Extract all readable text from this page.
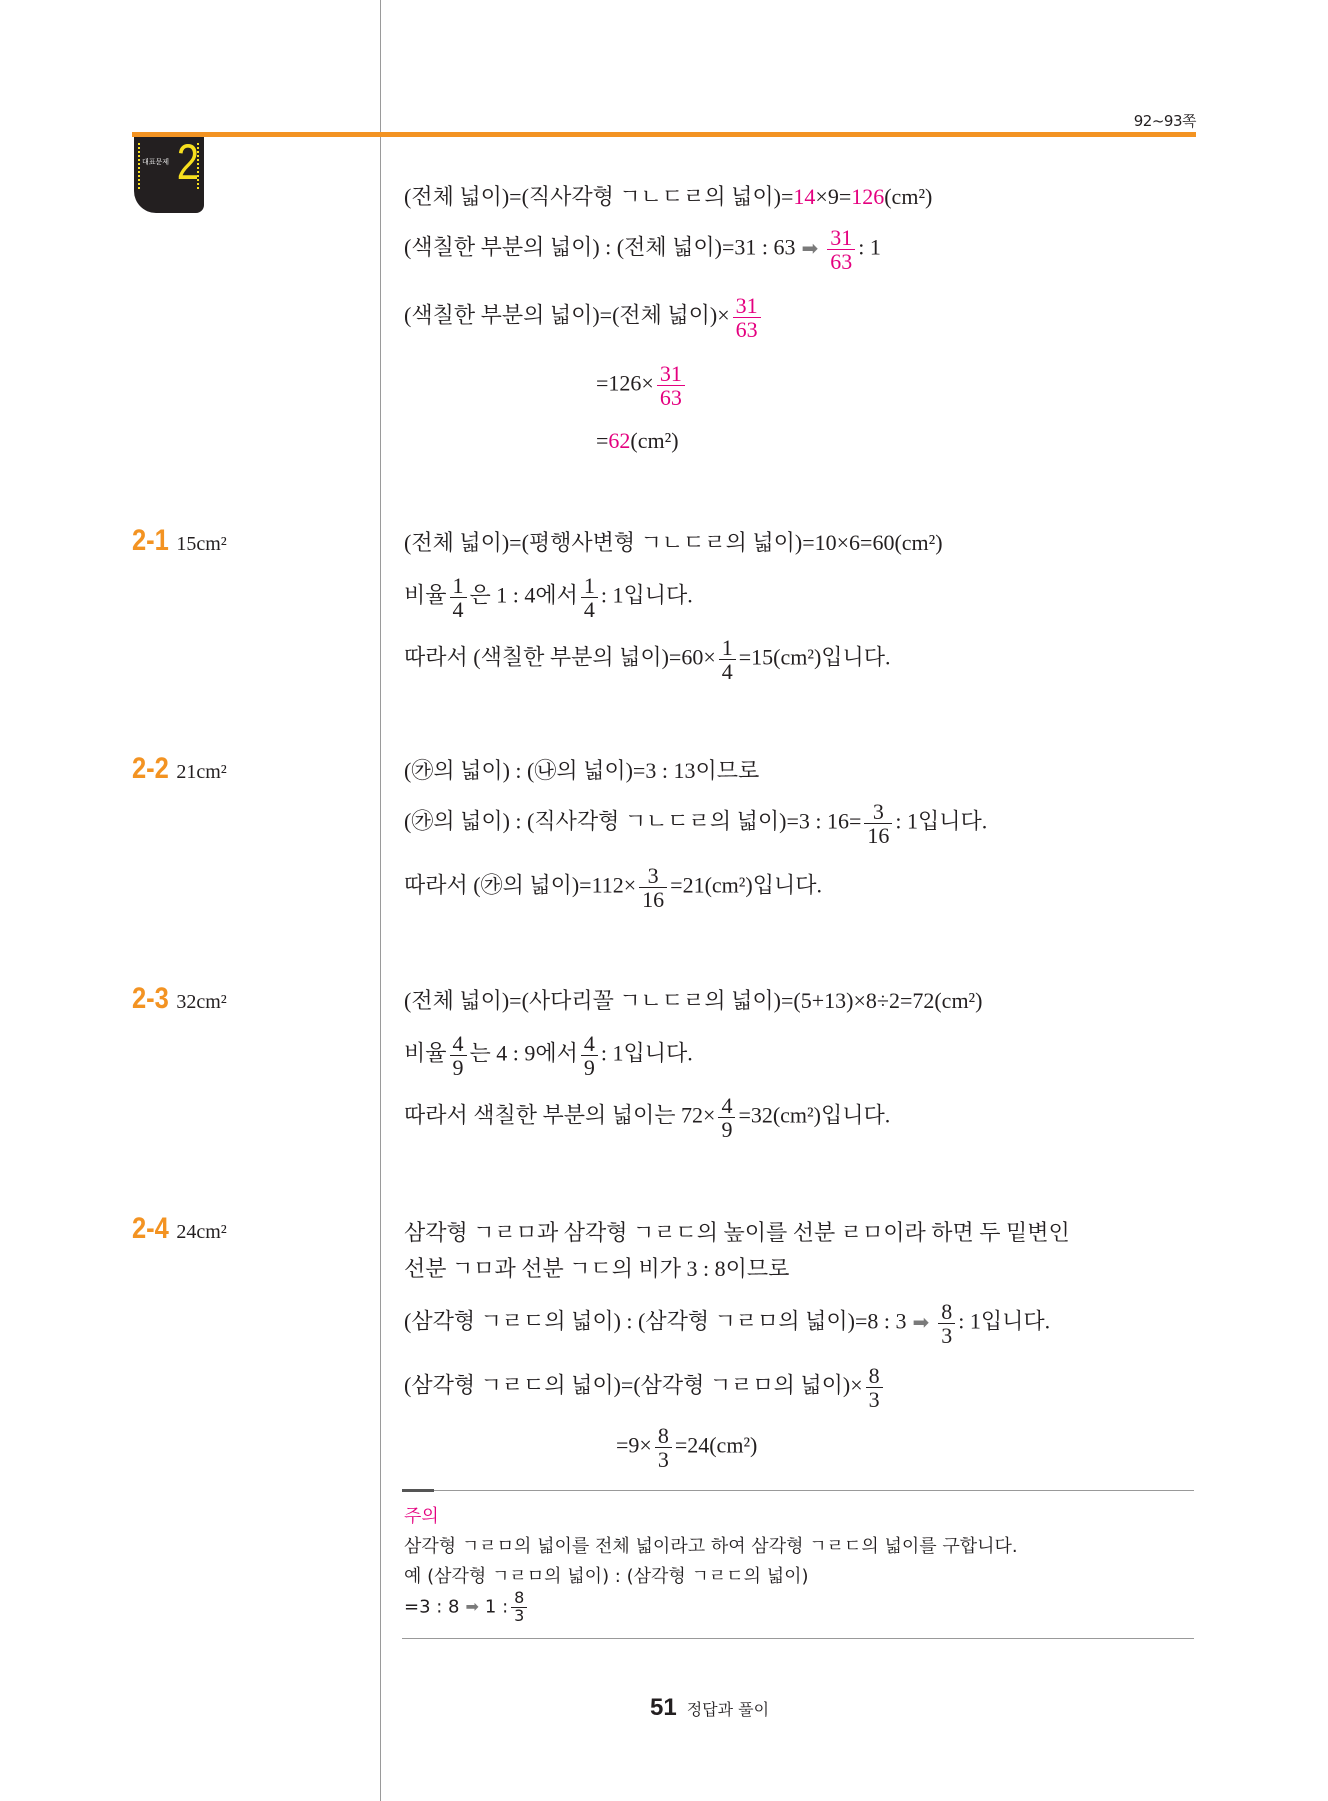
92~93쪽
대표문제 2
(전체 넓이)=(직사각형 ㄱㄴㄷㄹ의 넓이)=14×9=126(cm²)
(색칠한 부분의 넓이) : (전체 넓이)=31 : 63 ➡ $\frac{31}{63}$ : 1
(색칠한 부분의 넓이)=(전체 넓이)× $\frac{31}{63}$
$=126\times \frac{31}{63}$
=62(cm²)
2-1 15cm²	(전체 넓이)=(평행사변형 ㄱㄴㄷㄹ의 넓이)=10×6=60(cm²)
비율 $\frac{1}{4}$ 은 1 : 4에서 $\frac{1}{4}$ : 1입니다.
따라서 (색칠한 부분의 넓이)$=60\times \frac{1}{4} =15(cm^2)$입니다.
2-2 21cm²	(㉮의 넓이) : (㉯의 넓이)=3 : 13이므로
(㉮의 넓이) : (직사각형 ㄱㄴㄷㄹ의 넓이)=3 : $16= \frac{3}{16}$ : 1입니다.
따라서 (㉮의 넓이)$=112\times \frac{3}{16} =21(cm^2)$입니다.
2-3 32cm²	(전체 넓이)=(사다리꼴 ㄱㄴㄷㄹ의 넓이)=(5+13)×8÷2=72(cm²)
비율 $\frac{4}{9}$ 는 4 : 9에서 $\frac{4}{9}$ : 1입니다.
따라서 색칠한 부분의 넓이는 $72\times \frac{4}{9} =32(cm^2)$입니다.
2-4 24cm²	삼각형 ㄱㄹㅁ과 삼각형 ㄱㄹㄷ의 높이를 선분 ㄹㅁ이라 하면 두 밑변인
선분 ㄱㅁ과 선분 ㄱㄷ의 비가 3 : 8이므로
(삼각형 ㄱㄹㄷ의 넓이) : (삼각형 ㄱㄹㅁ의 넓이)=8 : 3 ➡ $\frac{8}{3}$ : 1입니다.
(삼각형 ㄱㄹㄷ의 넓이)=(삼각형 ㄱㄹㅁ의 넓이)× $\frac{8}{3}$
$=9\times \frac{8}{3} =24(cm^2)$
주의
삼각형 ㄱㄹㅁ의 넓이를 전체 넓이라고 하여 삼각형 ㄱㄹㄷ의 넓이를 구합니다.
예 (삼각형 ㄱㄹㅁ의 넓이) : (삼각형 ㄱㄹㄷ의 넓이)
=3 : 8 ➡ 1 : $\frac{8}{3}$
51 정답과 풀이
